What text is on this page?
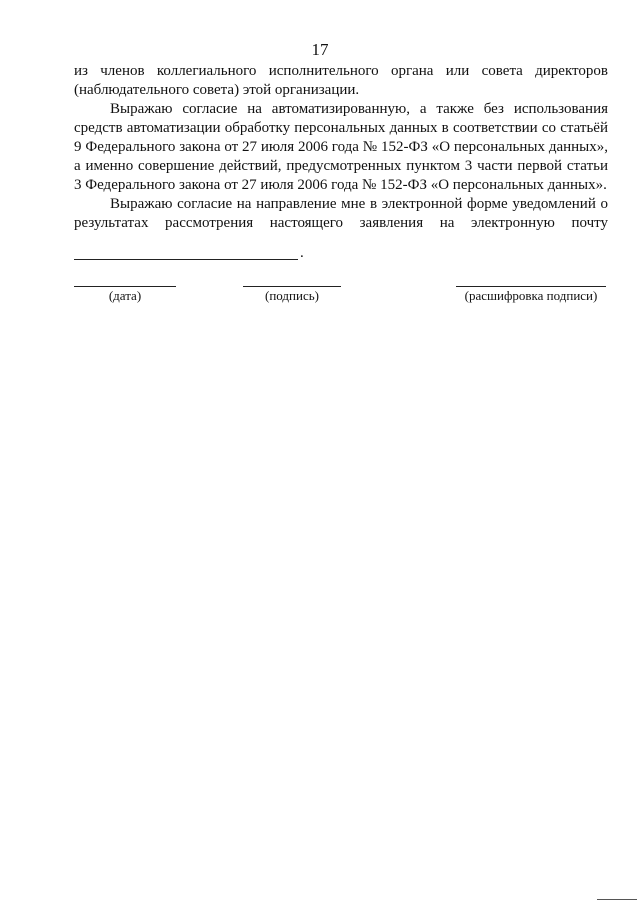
17

из членов коллегиального исполнительного органа или совета директоров (наблюдательного совета) этой организации.

Выражаю согласие на автоматизированную, а также без использования средств автоматизации обработку персональных данных в соответствии со статьёй 9 Федерального закона от 27 июля 2006 года № 152-ФЗ «О персональных данных», а именно совершение действий, предусмотренных пунктом 3 части первой статьи 3 Федерального закона от 27 июля 2006 года № 152-ФЗ «О персональных данных».

Выражаю согласие на направление мне в электронной форме уведомлений о результатах рассмотрения настоящего заявления на электронную почту

.
(дата)	(подпись)	(расшифровка подписи)
